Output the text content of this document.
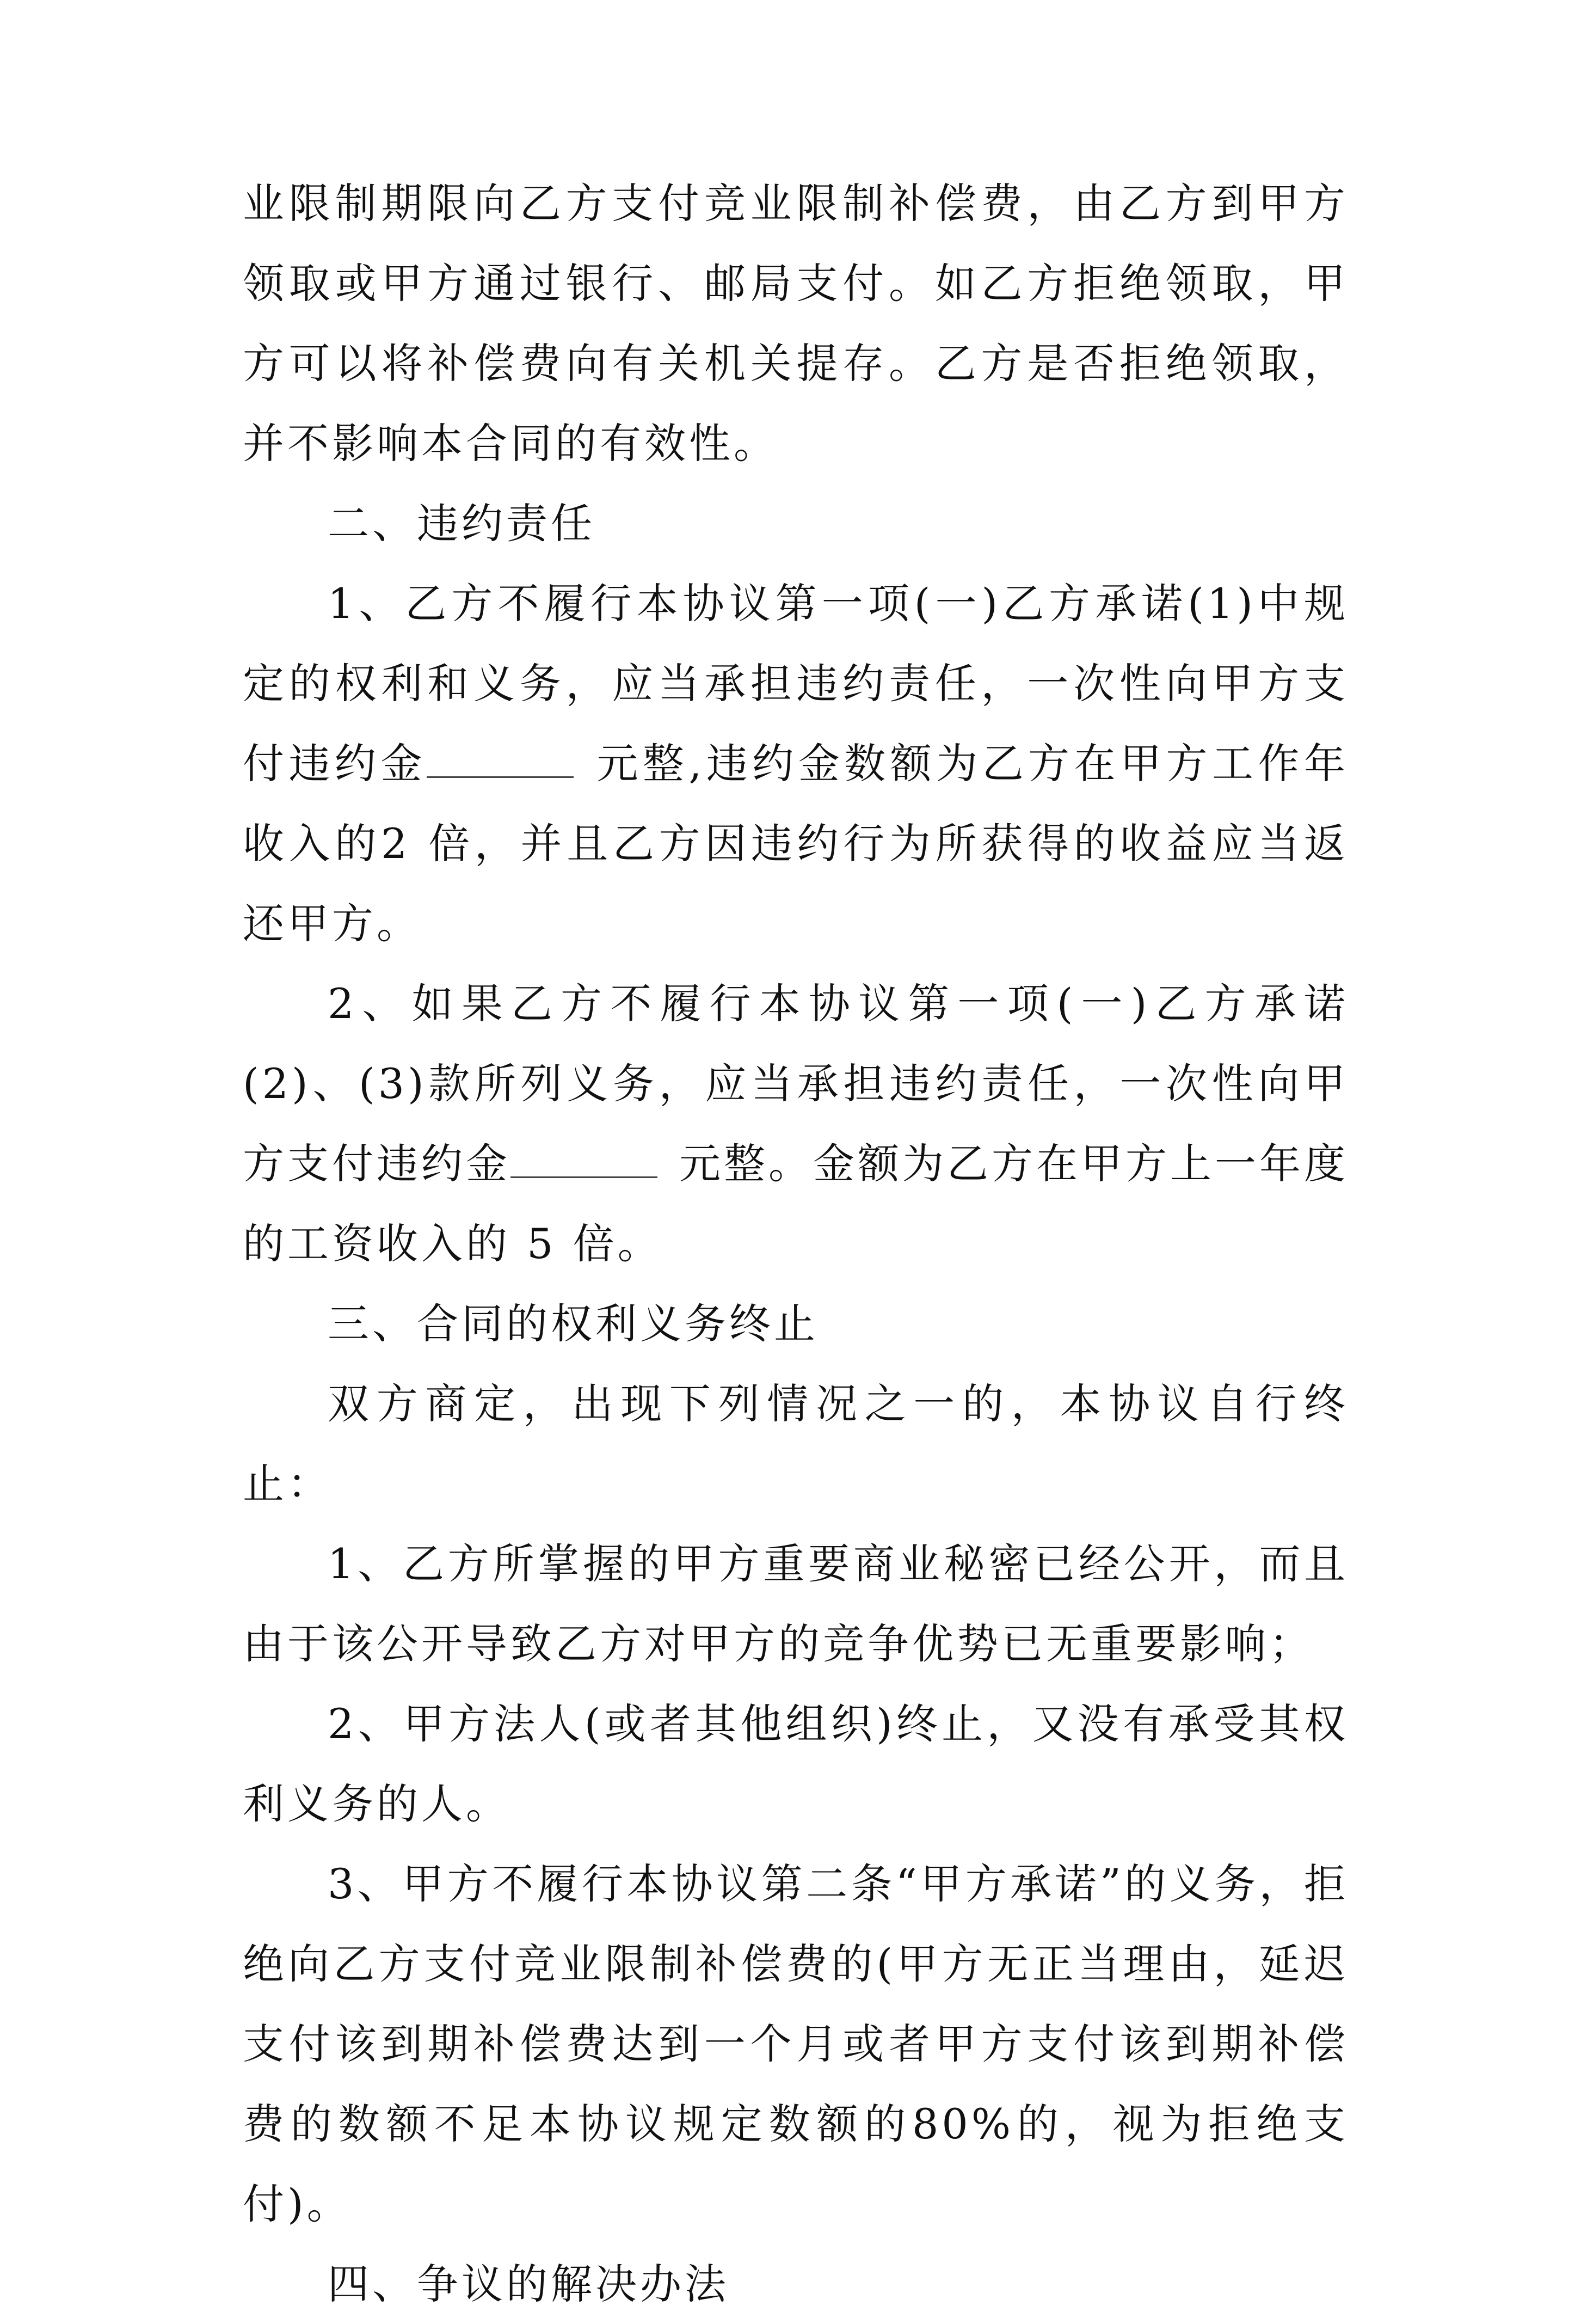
业限制期限向乙方支付竞业限制补偿费，由乙方到甲方领取或甲方通过银行、邮局支付。如乙方拒绝领取，甲方可以将补偿费向有关机关提存。乙方是否拒绝领取，并不影响本合同的有效性。

二、违约责任

1、乙方不履行本协议第一项(一)乙方承诺(1)中规定的权利和义务，应当承担违约责任，一次性向甲方支付违约金	元整,违约金数额为乙方在甲方工作年收入的2 倍，并且乙方因违约行为所获得的收益应当返还甲方。

2、如果乙方不履行本协议第一项(一)乙方承诺(2)、(3)款所列义务，应当承担违约责任，一次性向甲方支付违约金	元整。金额为乙方在甲方上一年度的工资收入的 5 倍。

三、合同的权利义务终止

双方商定，出现下列情况之一的，本协议自行终止：

1、乙方所掌握的甲方重要商业秘密已经公开，而且由于该公开导致乙方对甲方的竞争优势已无重要影响；

2、甲方法人(或者其他组织)终止，又没有承受其权利义务的人。

3、甲方不履行本协议第二条“甲方承诺”的义务，拒绝向乙方支付竞业限制补偿费的(甲方无正当理由，延迟支付该到期补偿费达到一个月或者甲方支付该到期补偿费的数额不足本协议规定数额的80%的，视为拒绝支付)。

四、争议的解决办法
